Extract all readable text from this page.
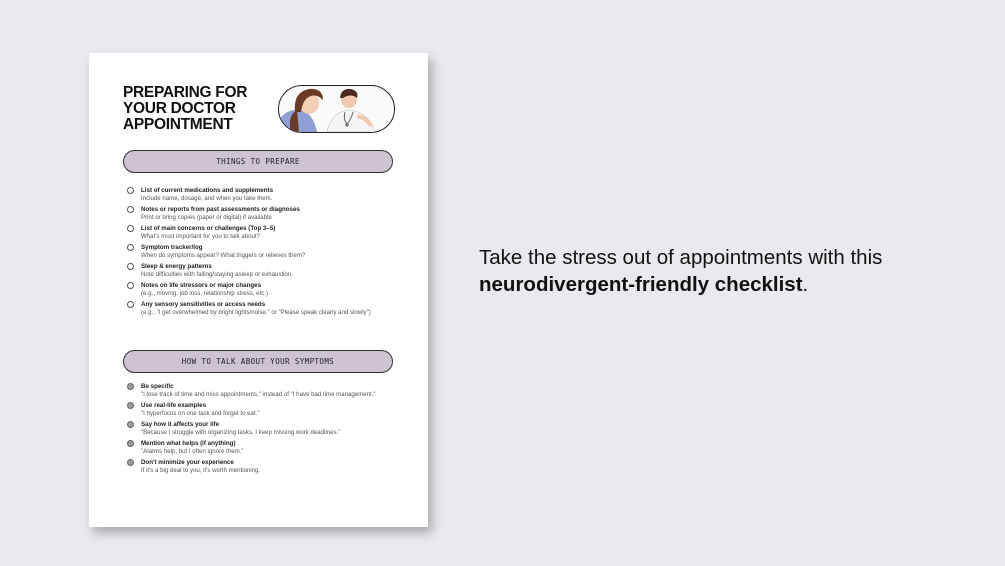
PREPARING FOR
YOUR DOCTOR
APPOINTMENT
THINGS TO PREPARE
List of current medications and supplements
Include name, dosage, and when you take them.
Notes or reports from past assessments or diagnoses
Print or bring copies (paper or digital) if available
List of main concerns or challenges (Top 3–5)
What's most important for you to talk about?
Symptom tracker/log
When do symptoms appear? What triggers or relieves them?
Sleep & energy patterns
Note difficulties with falling/staying asleep or exhaustion.
Notes on life stressors or major changes
(e.g., moving, job loss, relationship stress, etc.)
Any sensory sensitivities or access needs
(e.g., "I get overwhelmed by bright lights/noise," or "Please speak clearly and slowly")
HOW TO TALK ABOUT YOUR SYMPTOMS
Be specific
"I lose track of time and miss appointments," instead of "I have bad time management."
Use real-life examples
"I hyperfocus on one task and forget to eat."
Say how it affects your life
"Because I struggle with organizing tasks, I keep missing work deadlines."
Mention what helps (if anything)
"Alarms help, but I often ignore them."
Don't minimize your experience
If it's a big deal to you, it's worth mentioning.
Take the stress out of appointments with this
neurodivergent-friendly checklist.
